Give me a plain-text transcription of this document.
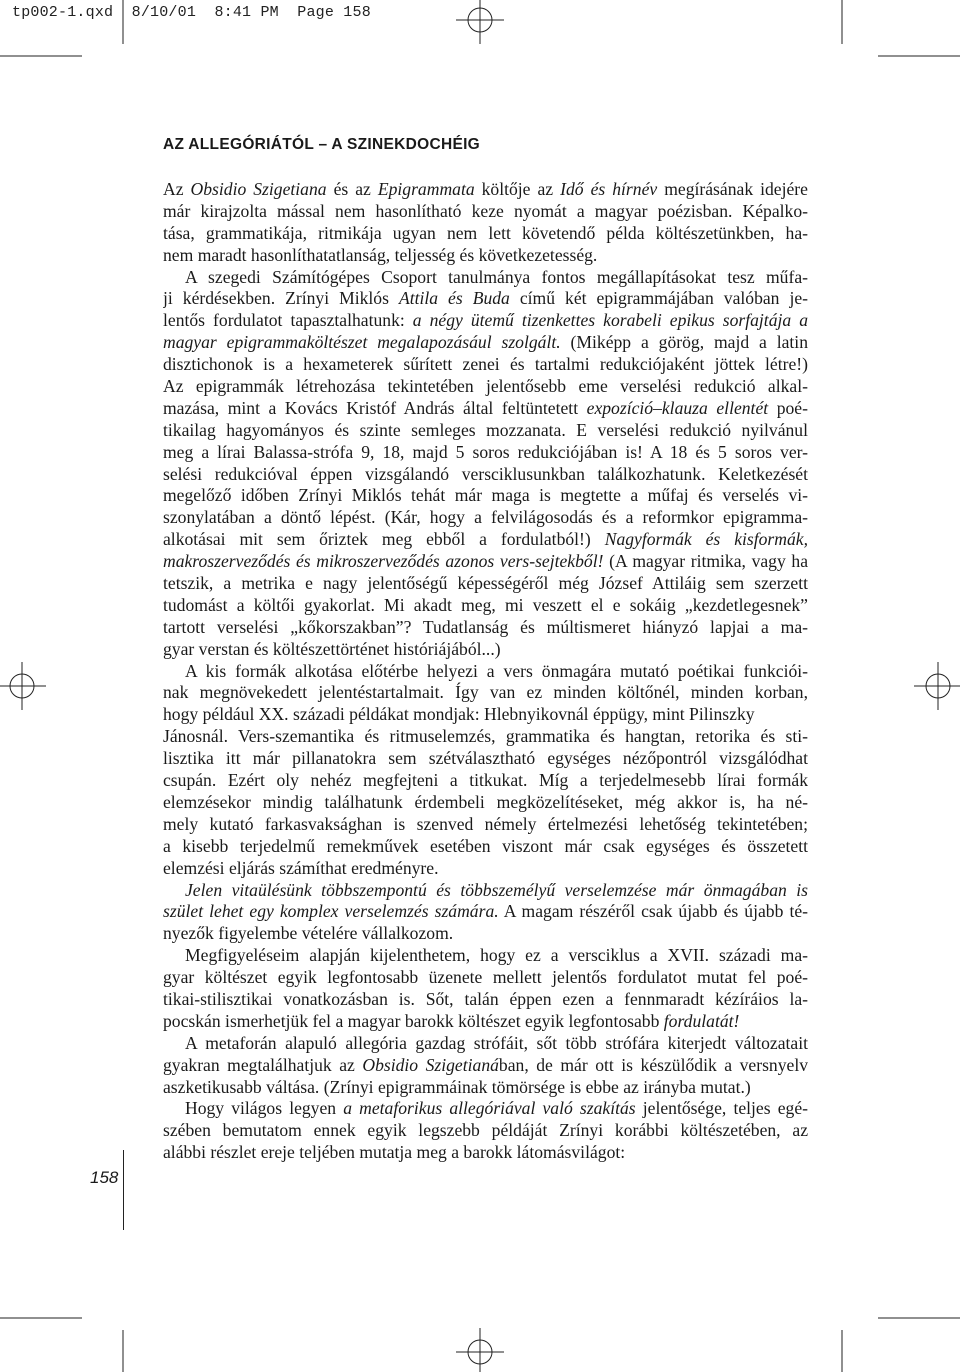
tp002-1.qxd 8/10/01 8:41 PM Page 158
AZ ALLEGÓRIÁTÓL – A SZINEKDOCHÉIG
Az Obsidio Szigetiana és az Epigrammata költője az Idő és hírnév megírásának idejére
már kirajzolta mással nem hasonlítható keze nyomát a magyar poézisban. Képalko-
tása, grammatikája, ritmikája ugyan nem lett követendő példa költészetünkben, ha-
nem maradt hasonlíthatatlanság, teljesség és következetesség.
A szegedi Számítógépes Csoport tanulmánya fontos megállapításokat tesz műfa-
ji kérdésekben. Zrínyi Miklós Attila és Buda című két epigrammájában valóban je-
lentős fordulatot tapasztalhatunk: a négy ütemű tizenkettes korabeli epikus sorfajtája a
magyar epigrammaköltészet megalapozásául szolgált. (Miképp a görög, majd a latin
disztichonok is a hexameterek sűrített zenei és tartalmi redukciójaként jöttek létre!)
Az epigrammák létrehozása tekintetében jelentősebb eme verselési redukció alkal-
mazása, mint a Kovács Kristóf András által feltüntetett expozíció–klauza ellentét poé-
tikailag hagyományos és szinte semleges mozzanata. E verselési redukció nyilvánul
meg a lírai Balassa-strófa 9, 18, majd 5 soros redukciójában is! A 18 és 5 soros ver-
selési redukcióval éppen vizsgálandó versciklusunkban találkozhatunk. Keletkezését
megelőző időben Zrínyi Miklós tehát már maga is megtette a műfaj és verselés vi-
szonylatában a döntő lépést. (Kár, hogy a felvilágosodás és a reformkor epigramma-
alkotásai mit sem őriztek meg ebből a fordulatból!) Nagyformák és kisformák,
makroszerveződés és mikroszerveződés azonos vers-sejtekből! (A magyar ritmika, vagy ha
tetszik, a metrika e nagy jelentőségű képességéről még József Attiláig sem szerzett
tudomást a költői gyakorlat. Mi akadt meg, mi veszett el e sokáig „kezdetlegesnek”
tartott verselési „kőkorszakban”? Tudatlanság és múltismeret hiányzó lapjai a ma-
gyar verstan és költészettörténet históriájából...)
A kis formák alkotása előtérbe helyezi a vers önmagára mutató poétikai funkciói-
nak megnövekedett jelentéstartalmait. Így van ez minden költőnél, minden korban,
hogy például XX. századi példákat mondjak: Hlebnyikovnál éppügy, mint Pilinszky
Jánosnál. Vers-szemantika és ritmuselemzés, grammatika és hangtan, retorika és sti-
lisztika itt már pillanatokra sem szétválasztható egységes nézőpontról vizsgálódhat
csupán. Ezért oly nehéz megfejteni a titkukat. Míg a terjedelmesebb lírai formák
elemzésekor mindig találhatunk érdembeli megközelítéseket, még akkor is, ha né-
mely kutató farkasvaksághan is szenved némely értelmezési lehetőség tekintetében;
a kisebb terjedelmű remekművek esetében viszont már csak egységes és összetett
elemzési eljárás számíthat eredményre.
Jelen vitaülésünk többszempontú és többszemélyű verselemzése már önmagában is
szület lehet egy komplex verselemzés számára. A magam részéről csak újabb és újabb té-
nyezők figyelembe vételére vállalkozom.
Megfigyeléseim alapján kijelenthetem, hogy ez a versciklus a XVII. századi ma-
gyar költészet egyik legfontosabb üzenete mellett jelentős fordulatot mutat fel poé-
tikai-stilisztikai vonatkozásban is. Sőt, talán éppen ezen a fennmaradt kézíráios la-
pocskán ismerhetjük fel a magyar barokk költészet egyik legfontosabb fordulatát!
A metaforán alapuló allegória gazdag strófáit, sőt több strófára kiterjedt változatait
gyakran megtalálhatjuk az Obsidio Szigetianában, de már ott is készülődik a versnyelv
aszketikusabb váltása. (Zrínyi epigrammáinak tömörsége is ebbe az irányba mutat.)
Hogy világos legyen a metaforikus allegóriával való szakítás jelentősége, teljes egé-
szében bemutatom ennek egyik legszebb példáját Zrínyi korábbi költészetében, az
alábbi részlet ereje teljében mutatja meg a barokk látomásvilágot:
158
